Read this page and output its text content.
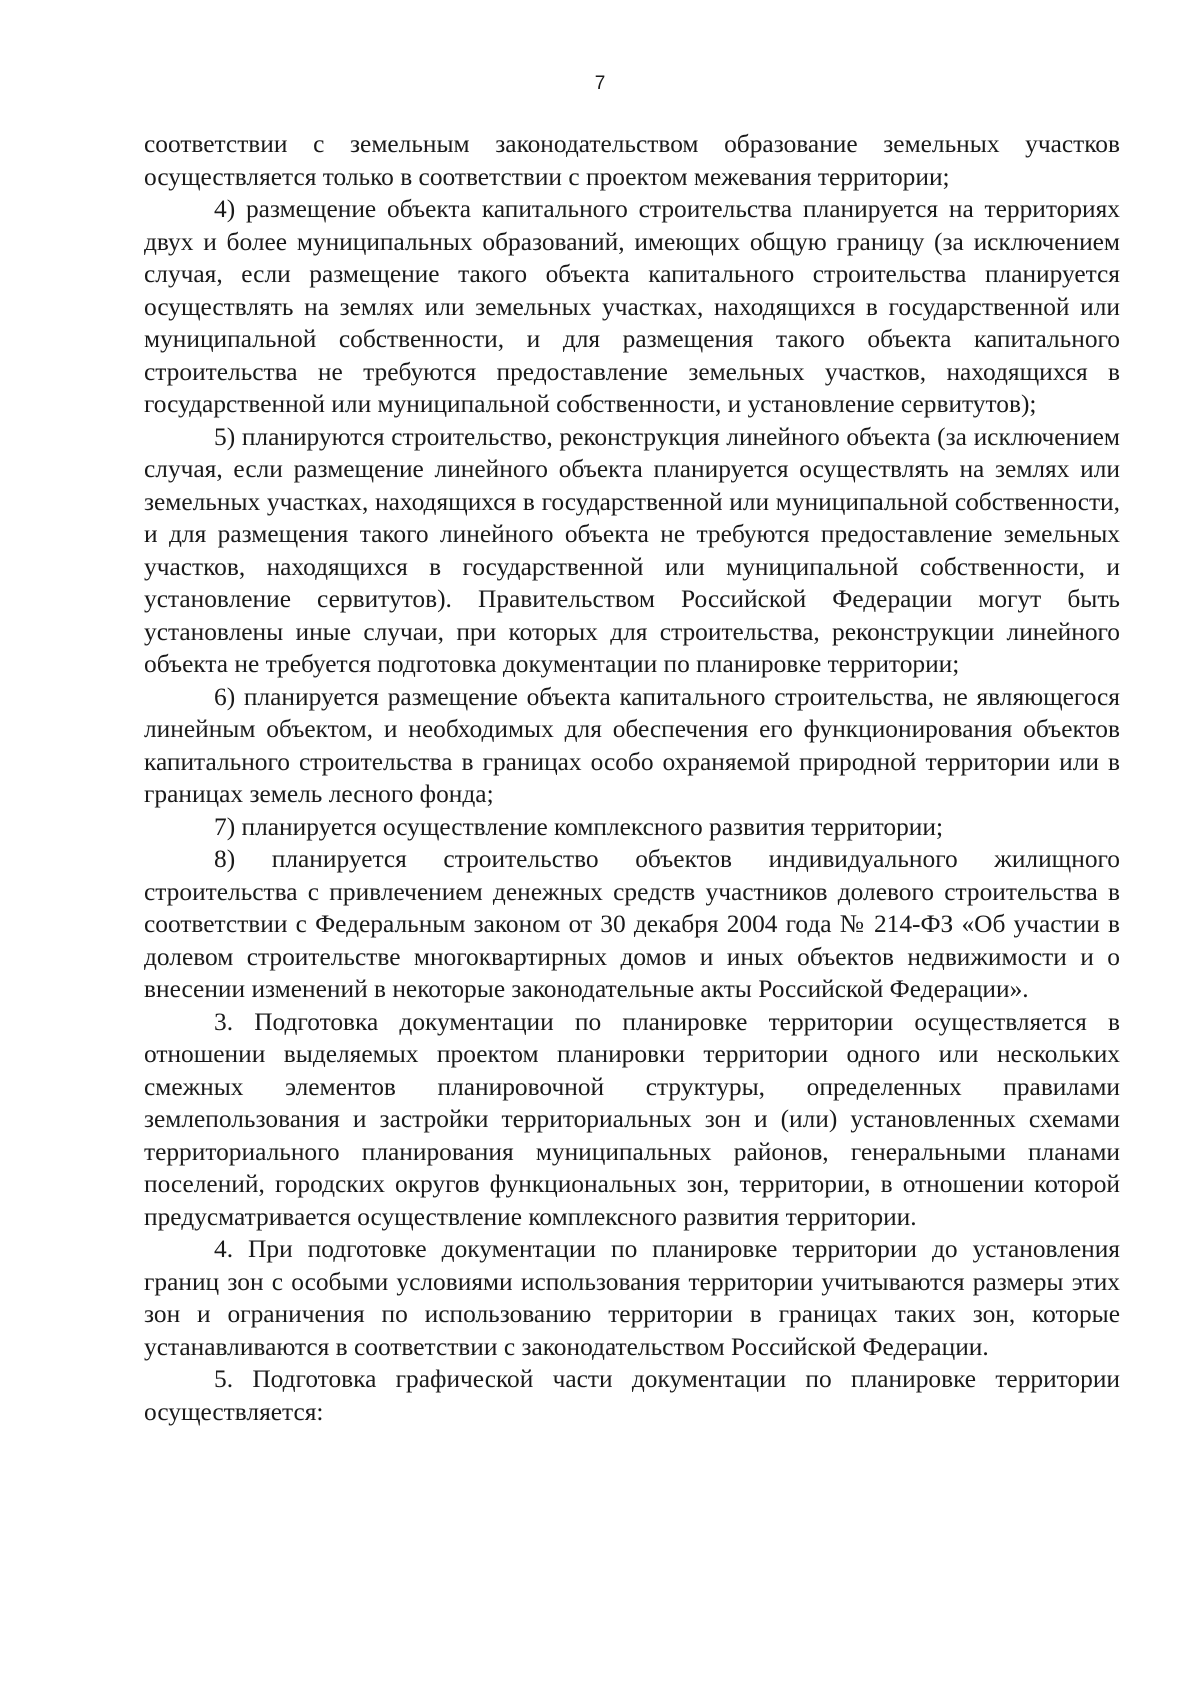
7

соответствии с земельным законодательством образование земельных участков осуществляется только в соответствии с проектом межевания территории;

4) размещение объекта капитального строительства планируется на территориях двух и более муниципальных образований, имеющих общую границу (за исключением случая, если размещение такого объекта капитального строительства планируется осуществлять на землях или земельных участках, находящихся в государственной или муниципальной собственности, и для размещения такого объекта капитального строительства не требуются предоставление земельных участков, находящихся в государственной или муниципальной собственности, и установление сервитутов);

5) планируются строительство, реконструкция линейного объекта (за исключением случая, если размещение линейного объекта планируется осуществлять на землях или земельных участках, находящихся в государственной или муниципальной собственности, и для размещения такого линейного объекта не требуются предоставление земельных участков, находящихся в государственной или муниципальной собственности, и установление сервитутов). Правительством Российской Федерации могут быть установлены иные случаи, при которых для строительства, реконструкции линейного объекта не требуется подготовка документации по планировке территории;

6) планируется размещение объекта капитального строительства, не являющегося линейным объектом, и необходимых для обеспечения его функционирования объектов капитального строительства в границах особо охраняемой природной территории или в границах земель лесного фонда;

7) планируется осуществление комплексного развития территории;

8) планируется строительство объектов индивидуального жилищного строительства с привлечением денежных средств участников долевого строительства в соответствии с Федеральным законом от 30 декабря 2004 года № 214-ФЗ «Об участии в долевом строительстве многоквартирных домов и иных объектов недвижимости и о внесении изменений в некоторые законодательные акты Российской Федерации».

3. Подготовка документации по планировке территории осуществляется в отношении выделяемых проектом планировки территории одного или нескольких смежных элементов планировочной структуры, определенных правилами землепользования и застройки территориальных зон и (или) установленных схемами территориального планирования муниципальных районов, генеральными планами поселений, городских округов функциональных зон, территории, в отношении которой предусматривается осуществление комплексного развития территории.

4. При подготовке документации по планировке территории до установления границ зон с особыми условиями использования территории учитываются размеры этих зон и ограничения по использованию территории в границах таких зон, которые устанавливаются в соответствии с законодательством Российской Федерации.

5. Подготовка графической части документации по планировке территории осуществляется:
